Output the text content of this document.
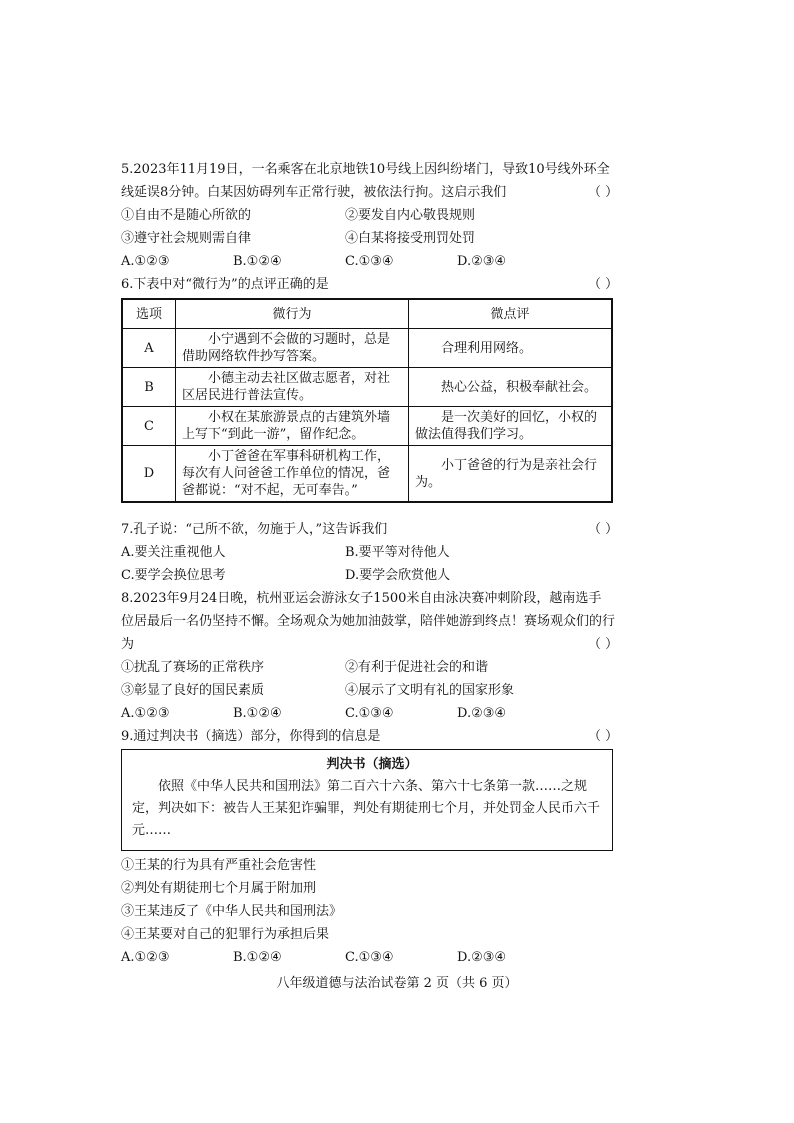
5.2023年11月19日，一名乘客在北京地铁10号线上因纠纷堵门，导致10号线外环全
线延误8分钟。白某因妨碍列车正常行驶，被依法行拘。这启示我们	（ ）
①自由不是随心所欲的	②要发自内心敬畏规则
③遵守社会规则需自律	④白某将接受刑罚处罚
A.①②③	B.①②④	C.①③④	D.②③④
6.下表中对“微行为”的点评正确的是	（ ）
选项	微行为	微点评
A	小宁遇到不会做的习题时，总是借助网络软件抄写答案。	合理利用网络。
B	小德主动去社区做志愿者，对社区居民进行普法宣传。	热心公益，积极奉献社会。
C	小权在某旅游景点的古建筑外墙上写下“到此一游”，留作纪念。	是一次美好的回忆，小权的做法值得我们学习。
D	小丁爸爸在军事科研机构工作，每次有人问爸爸工作单位的情况，爸爸都说：“对不起，无可奉告。”	小丁爸爸的行为是亲社会行为。
7.孔子说：“己所不欲，勿施于人，”这告诉我们	（ ）
A.要关注重视他人	B.要平等对待他人
C.要学会换位思考	D.要学会欣赏他人
8.2023年9月24日晚，杭州亚运会游泳女子1500米自由泳决赛冲刺阶段，越南选手
位居最后一名仍坚持不懈。全场观众为她加油鼓掌，陪伴她游到终点！赛场观众们的行
为	（ ）
①扰乱了赛场的正常秩序	②有利于促进社会的和谐
③彰显了良好的国民素质	④展示了文明有礼的国家形象
A.①②③	B.①②④	C.①③④	D.②③④
9.通过判决书（摘选）部分，你得到的信息是	（ ）
判决书（摘选）
依照《中华人民共和国刑法》第二百六十六条、第六十七条第一款……之规定，判决如下：被告人王某犯诈骗罪，判处有期徒刑七个月，并处罚金人民币六千元……
①王某的行为具有严重社会危害性
②判处有期徒刑七个月属于附加刑
③王某违反了《中华人民共和国刑法》
④王某要对自己的犯罪行为承担后果
A.①②③	B.①②④	C.①③④	D.②③④
八年级道德与法治试卷第 2 页（共 6 页）
